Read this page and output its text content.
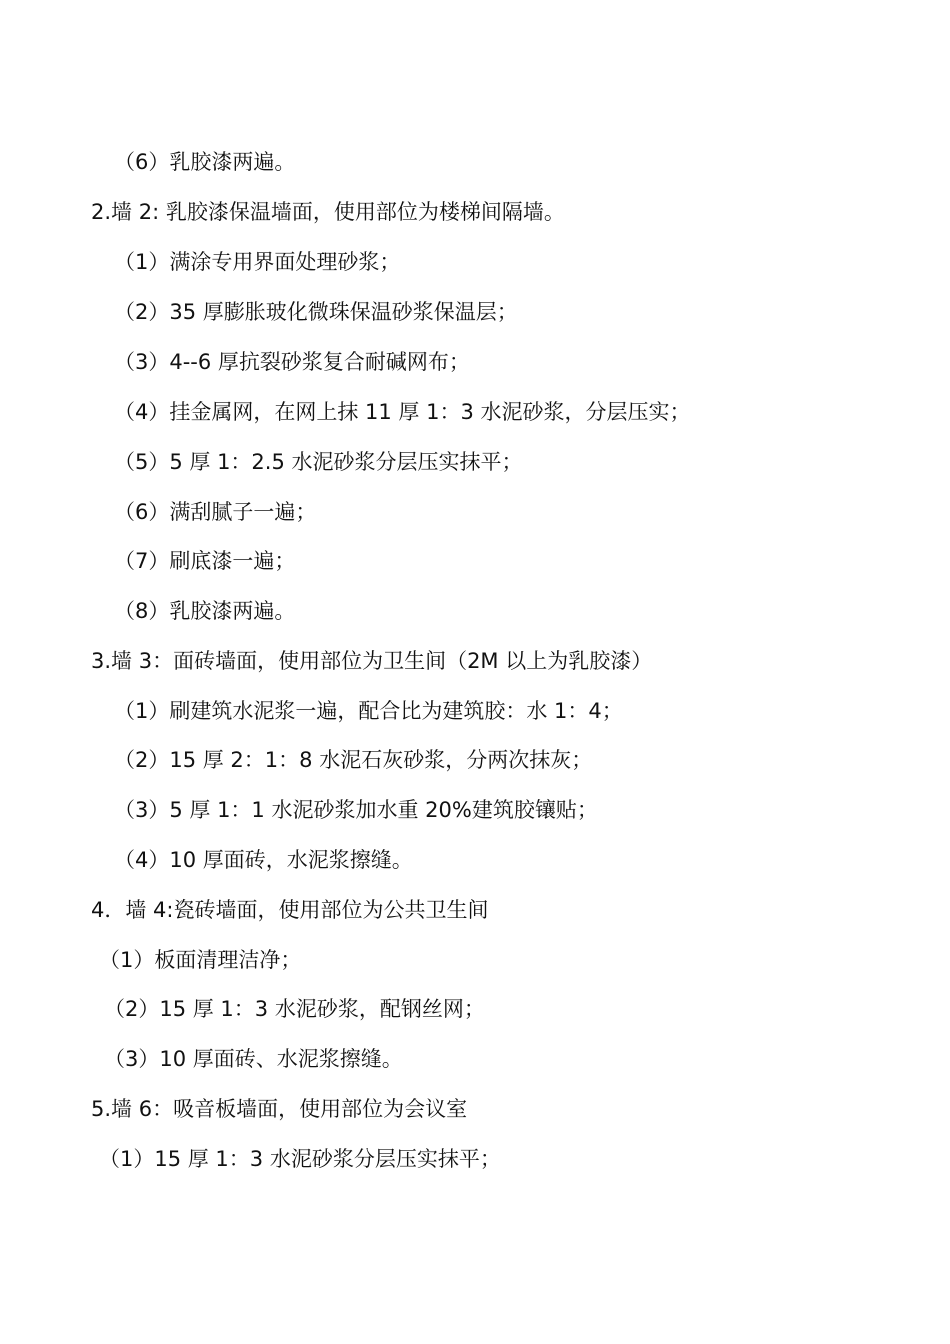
（6）乳胶漆两遍。
2.墙 2: 乳胶漆保温墙面，使用部位为楼梯间隔墙。
（1）满涂专用界面处理砂浆；
（2）35 厚膨胀玻化微珠保温砂浆保温层；
（3）4--6 厚抗裂砂浆复合耐碱网布；
（4）挂金属网，在网上抹 11 厚 1：3 水泥砂浆，分层压实；
（5）5 厚 1：2.5 水泥砂浆分层压实抹平；
（6）满刮腻子一遍；
（7）刷底漆一遍；
（8）乳胶漆两遍。
3.墙 3：面砖墙面，使用部位为卫生间（2M 以上为乳胶漆）
（1）刷建筑水泥浆一遍，配合比为建筑胶：水 1：4；
（2）15 厚 2：1：8 水泥石灰砂浆，分两次抹灰；
（3）5 厚 1：1 水泥砂浆加水重 20%建筑胶镶贴；
（4）10 厚面砖，水泥浆擦缝。
4．墙 4:瓷砖墙面，使用部位为公共卫生间
（1）板面清理洁净；
（2）15 厚 1：3 水泥砂浆，配钢丝网；
（3）10 厚面砖、水泥浆擦缝。
5.墙 6：吸音板墙面，使用部位为会议室
（1）15 厚 1：3 水泥砂浆分层压实抹平；
